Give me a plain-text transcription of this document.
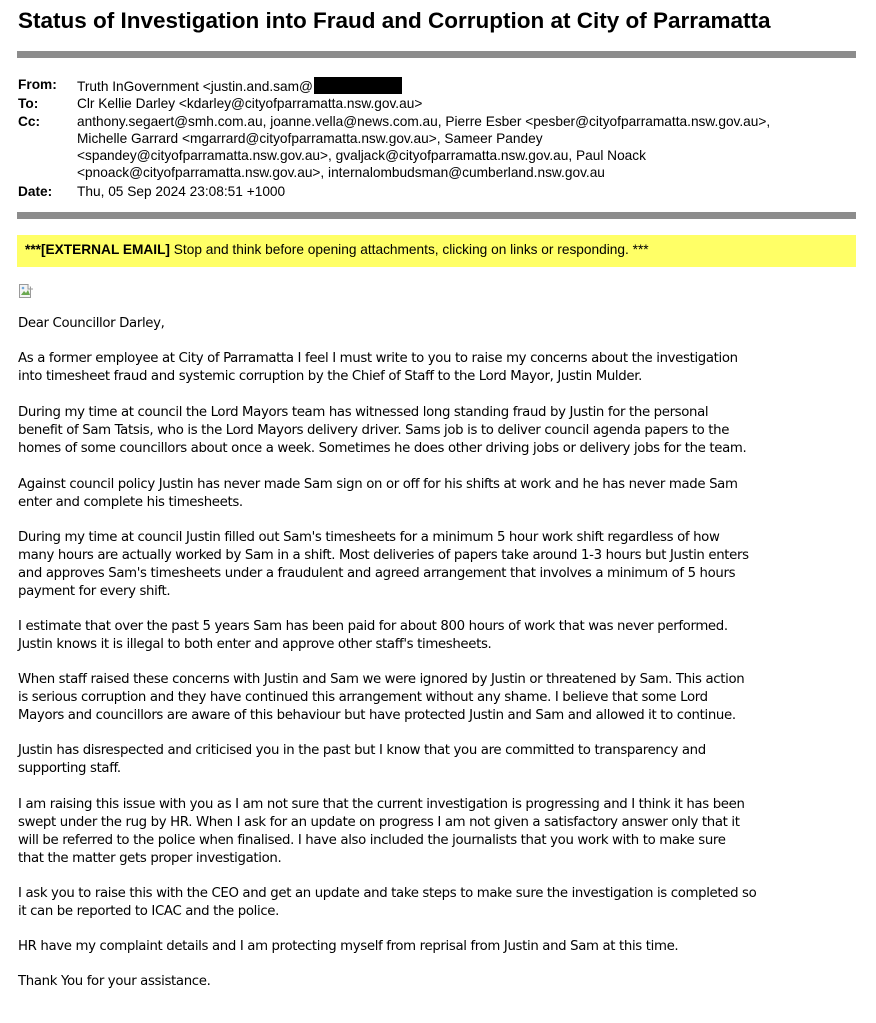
Status of Investigation into Fraud and Corruption at City of Parramatta
From: Truth InGovernment <justin.and.sam@
To:	Clr Kellie Darley <kdarley@cityofparramatta.nsw.gov.au>
Cc:	anthony.segaert@smh.com.au, joanne.vella@news.com.au, Pierre Esber <pesber@cityofparramatta.nsw.gov.au>,
Michelle Garrard <mgarrard@cityofparramatta.nsw.gov.au>, Sameer Pandey
<spandey@cityofparramatta.nsw.gov.au>, gvaljack@cityofparramatta.nsw.gov.au, Paul Noack
<pnoack@cityofparramatta.nsw.gov.au>, internalombudsman@cumberland.nsw.gov.au
Date: Thu, 05 Sep 2024 23:08:51 +1000
***[EXTERNAL EMAIL] Stop and think before opening attachments, clicking on links or responding. ***

Dear Councillor Darley,

As a former employee at City of Parramatta I feel I must write to you to raise my concerns about the investigation

into timesheet fraud and systemic corruption by the Chief of Staff to the Lord Mayor, Justin Mulder.

During my time at council the Lord Mayors team has witnessed long standing fraud by Justin for the personal

benefit of Sam Tatsis, who is the Lord Mayors delivery driver. Sams job is to deliver council agenda papers to the

homes of some councillors about once a week. Sometimes he does other driving jobs or delivery jobs for the team.

Against council policy Justin has never made Sam sign on or off for his shifts at work and he has never made Sam

enter and complete his timesheets.

During my time at council Justin filled out Sam's timesheets for a minimum 5 hour work shift regardless of how

many hours are actually worked by Sam in a shift. Most deliveries of papers take around 1-3 hours but Justin enters

and approves Sam's timesheets under a fraudulent and agreed arrangement that involves a minimum of 5 hours

payment for every shift.

I estimate that over the past 5 years Sam has been paid for about 800 hours of work that was never performed.

Justin knows it is illegal to both enter and approve other staff's timesheets.

When staff raised these concerns with Justin and Sam we were ignored by Justin or threatened by Sam. This action

is serious corruption and they have continued this arrangement without any shame. I believe that some Lord

Mayors and councillors are aware of this behaviour but have protected Justin and Sam and allowed it to continue.

Justin has disrespected and criticised you in the past but I know that you are committed to transparency and

supporting staff.

I am raising this issue with you as I am not sure that the current investigation is progressing and I think it has been

swept under the rug by HR. When I ask for an update on progress I am not given a satisfactory answer only that it

will be referred to the police when finalised. I have also included the journalists that you work with to make sure

that the matter gets proper investigation.

I ask you to raise this with the CEO and get an update and take steps to make sure the investigation is completed so

it can be reported to ICAC and the police.

HR have my complaint details and I am protecting myself from reprisal from Justin and Sam at this time.

Thank You for your assistance.
